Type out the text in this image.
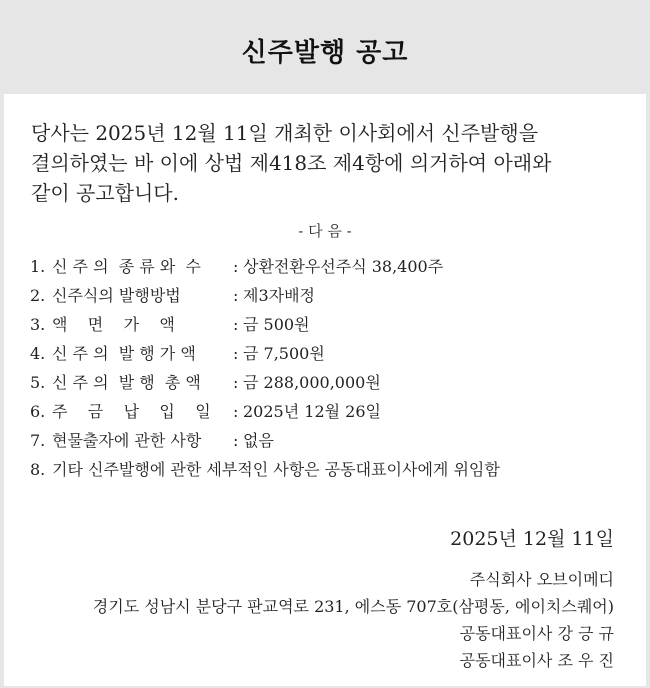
신주발행 공고
당사는 2025년 12월 11일 개최한 이사회에서 신주발행을
결의하였는 바 이에 상법 제418조 제4항에 의거하여 아래와
같이 공고합니다.
- 다 음 -
1. 신 주 의  종 류 와  수 : 상환전환우선주식 38,400주
2. 신주식의 발행방법	: 제3자배정
3. 액    면    가    액	: 금 500원
4. 신 주 의  발 행 가 액 : 금 7,500원
5. 신 주 의  발 행  총 액 : 금 288,000,000원
6. 주    금    납    입    일 : 2025년 12월 26일
7. 현물출자에 관한 사항 : 없음
8. 기타 신주발행에 관한 세부적인 사항은 공동대표이사에게 위임함
2025년 12월 11일
주식회사 오브이메디
경기도 성남시 분당구 판교역로 231, 에스동 707호(삼평동, 에이치스퀘어)
공동대표이사 강 긍 규
공동대표이사 조 우 진
